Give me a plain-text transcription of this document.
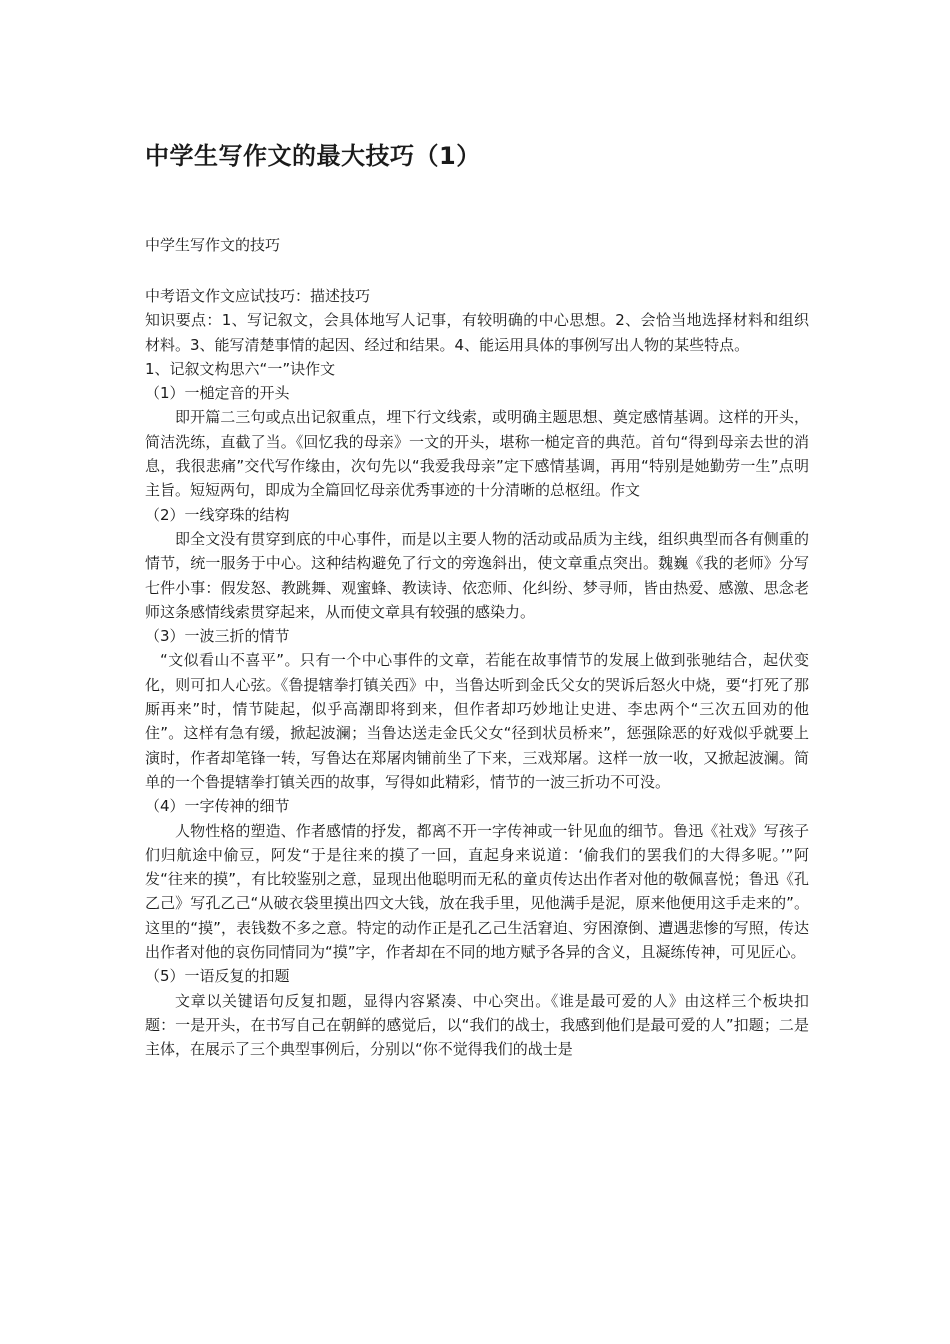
中学生写作文的最大技巧（1）
中学生写作文的技巧

中考语文作文应试技巧：描述技巧

知识要点：1、写记叙文，会具体地写人记事，有较明确的中心思想。2、会恰当地选择材料和组织材料。3、能写清楚事情的起因、经过和结果。4、能运用具体的事例写出人物的某些特点。

1、记叙文构思六“一”诀作文

（1）一槌定音的开头

即开篇二三句或点出记叙重点，埋下行文线索，或明确主题思想、奠定感情基调。这样的开头，简洁洗练，直截了当。《回忆我的母亲》一文的开头，堪称一槌定音的典范。首句“得到母亲去世的消息，我很悲痛”交代写作缘由，次句先以“我爱我母亲”定下感情基调，再用“特别是她勤劳一生”点明主旨。短短两句，即成为全篇回忆母亲优秀事迹的十分清晰的总枢纽。作文

（2）一线穿珠的结构

即全文没有贯穿到底的中心事件，而是以主要人物的活动或品质为主线，组织典型而各有侧重的情节，统一服务于中心。这种结构避免了行文的旁逸斜出，使文章重点突出。魏巍《我的老师》分写七件小事：假发怒、教跳舞、观蜜蜂、教读诗、依恋师、化纠纷、梦寻师，皆由热爱、感激、思念老师这条感情线索贯穿起来，从而使文章具有较强的感染力。

（3）一波三折的情节

“文似看山不喜平”。只有一个中心事件的文章，若能在故事情节的发展上做到张驰结合，起伏变化，则可扣人心弦。《鲁提辖拳打镇关西》中，当鲁达听到金氏父女的哭诉后怒火中烧，要“打死了那厮再来”时，情节陡起，似乎高潮即将到来，但作者却巧妙地让史进、李忠两个“三次五回劝的他住”。这样有急有缓，掀起波澜；当鲁达送走金氏父女“径到状员桥来”，惩强除恶的好戏似乎就要上演时，作者却笔锋一转，写鲁达在郑屠肉铺前坐了下来，三戏郑屠。这样一放一收，又掀起波澜。简单的一个鲁提辖拳打镇关西的故事，写得如此精彩，情节的一波三折功不可没。

（4）一字传神的细节

人物性格的塑造、作者感情的抒发，都离不开一字传神或一针见血的细节。鲁迅《社戏》写孩子们归航途中偷豆，阿发“于是往来的摸了一回，直起身来说道：‘偷我们的罢我们的大得多呢。’”阿发“往来的摸”，有比较鉴别之意，显现出他聪明而无私的童贞传达出作者对他的敬佩喜悦；鲁迅《孔乙己》写孔乙己“从破衣袋里摸出四文大钱，放在我手里，见他满手是泥，原来他便用这手走来的”。这里的“摸”，表钱数不多之意。特定的动作正是孔乙己生活窘迫、穷困潦倒、遭遇悲惨的写照，传达出作者对他的哀伤同情同为“摸”字，作者却在不同的地方赋予各异的含义，且凝练传神，可见匠心。

（5）一语反复的扣题

文章以关键语句反复扣题，显得内容紧凑、中心突出。《谁是最可爱的人》由这样三个板块扣题：一是开头，在书写自己在朝鲜的感觉后，以“我们的战士，我感到他们是最可爱的人”扣题；二是主体，在展示了三个典型事例后，分别以“你不觉得我们的战士是
